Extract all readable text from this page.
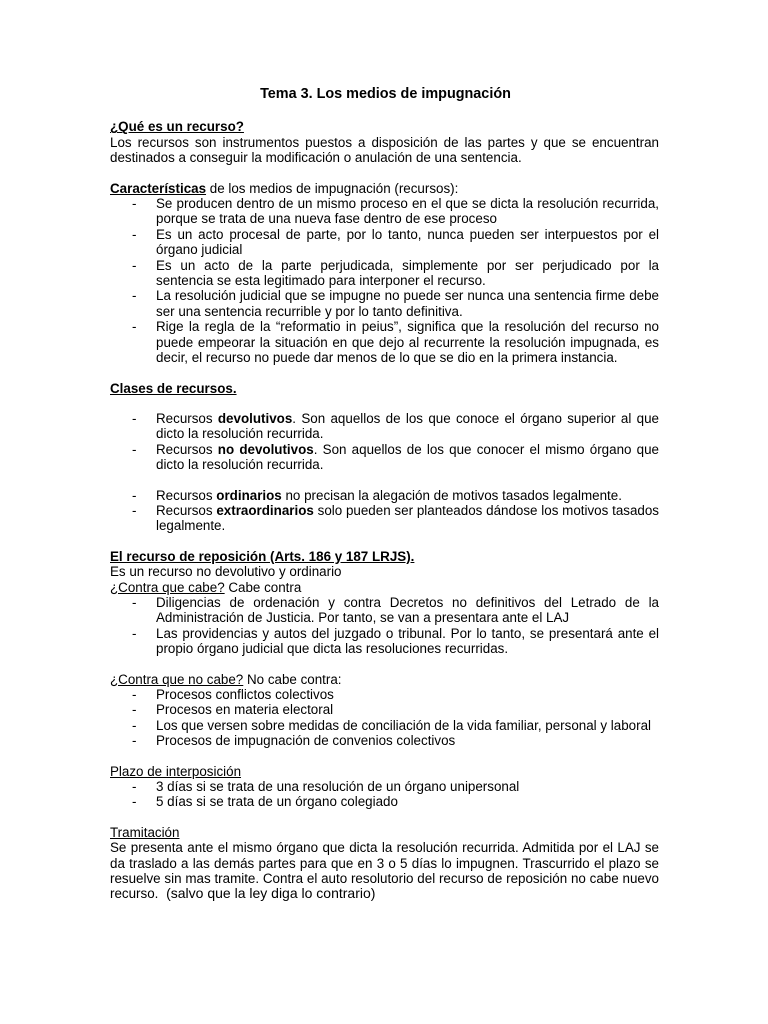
Tema 3. Los medios de impugnación
¿Qué es un recurso?

Los recursos son instrumentos puestos a disposición de las partes y que se encuentran destinados a conseguir la modificación o anulación de una sentencia.

Características de los medios de impugnación (recursos):
- Se producen dentro de un mismo proceso en el que se dicta la resolución recurrida, porque se trata de una nueva fase dentro de ese proceso
- Es un acto procesal de parte, por lo tanto, nunca pueden ser interpuestos por el órgano judicial
- Es un acto de la parte perjudicada, simplemente por ser perjudicado por la sentencia se esta legitimado para interponer el recurso.
- La resolución judicial que se impugne no puede ser nunca una sentencia firme debe ser una sentencia recurrible y por lo tanto definitiva.
- Rige la regla de la “reformatio in peius”, significa que la resolución del recurso no puede empeorar la situación en que dejo al recurrente la resolución impugnada, es decir, el recurso no puede dar menos de lo que se dio en la primera instancia.
Clases de recursos.
- Recursos devolutivos. Son aquellos de los que conoce el órgano superior al que dicto la resolución recurrida.
- Recursos no devolutivos. Son aquellos de los que conocer el mismo órgano que dicto la resolución recurrida.
- Recursos ordinarios no precisan la alegación de motivos tasados legalmente.
- Recursos extraordinarios solo pueden ser planteados dándose los motivos tasados legalmente.
El recurso de reposición (Arts. 186 y 187 LRJS).
Es un recurso no devolutivo y ordinario
¿Contra que cabe? Cabe contra
- Diligencias de ordenación y contra Decretos no definitivos del Letrado de la Administración de Justicia. Por tanto, se van a presentara ante el LAJ
- Las providencias y autos del juzgado o tribunal. Por lo tanto, se presentará ante el propio órgano judicial que dicta las resoluciones recurridas.
¿Contra que no cabe? No cabe contra:
- Procesos conflictos colectivos
- Procesos en materia electoral
- Los que versen sobre medidas de conciliación de la vida familiar, personal y laboral
- Procesos de impugnación de convenios colectivos
Plazo de interposición
- 3 días si se trata de una resolución de un órgano unipersonal
- 5 días si se trata de un órgano colegiado
Tramitación

Se presenta ante el mismo órgano que dicta la resolución recurrida. Admitida por el LAJ se da traslado a las demás partes para que en 3 o 5 días lo impugnen. Trascurrido el plazo se resuelve sin mas tramite. Contra el auto resolutorio del recurso de reposición no cabe nuevo recurso. (salvo que la ley diga lo contrario)
